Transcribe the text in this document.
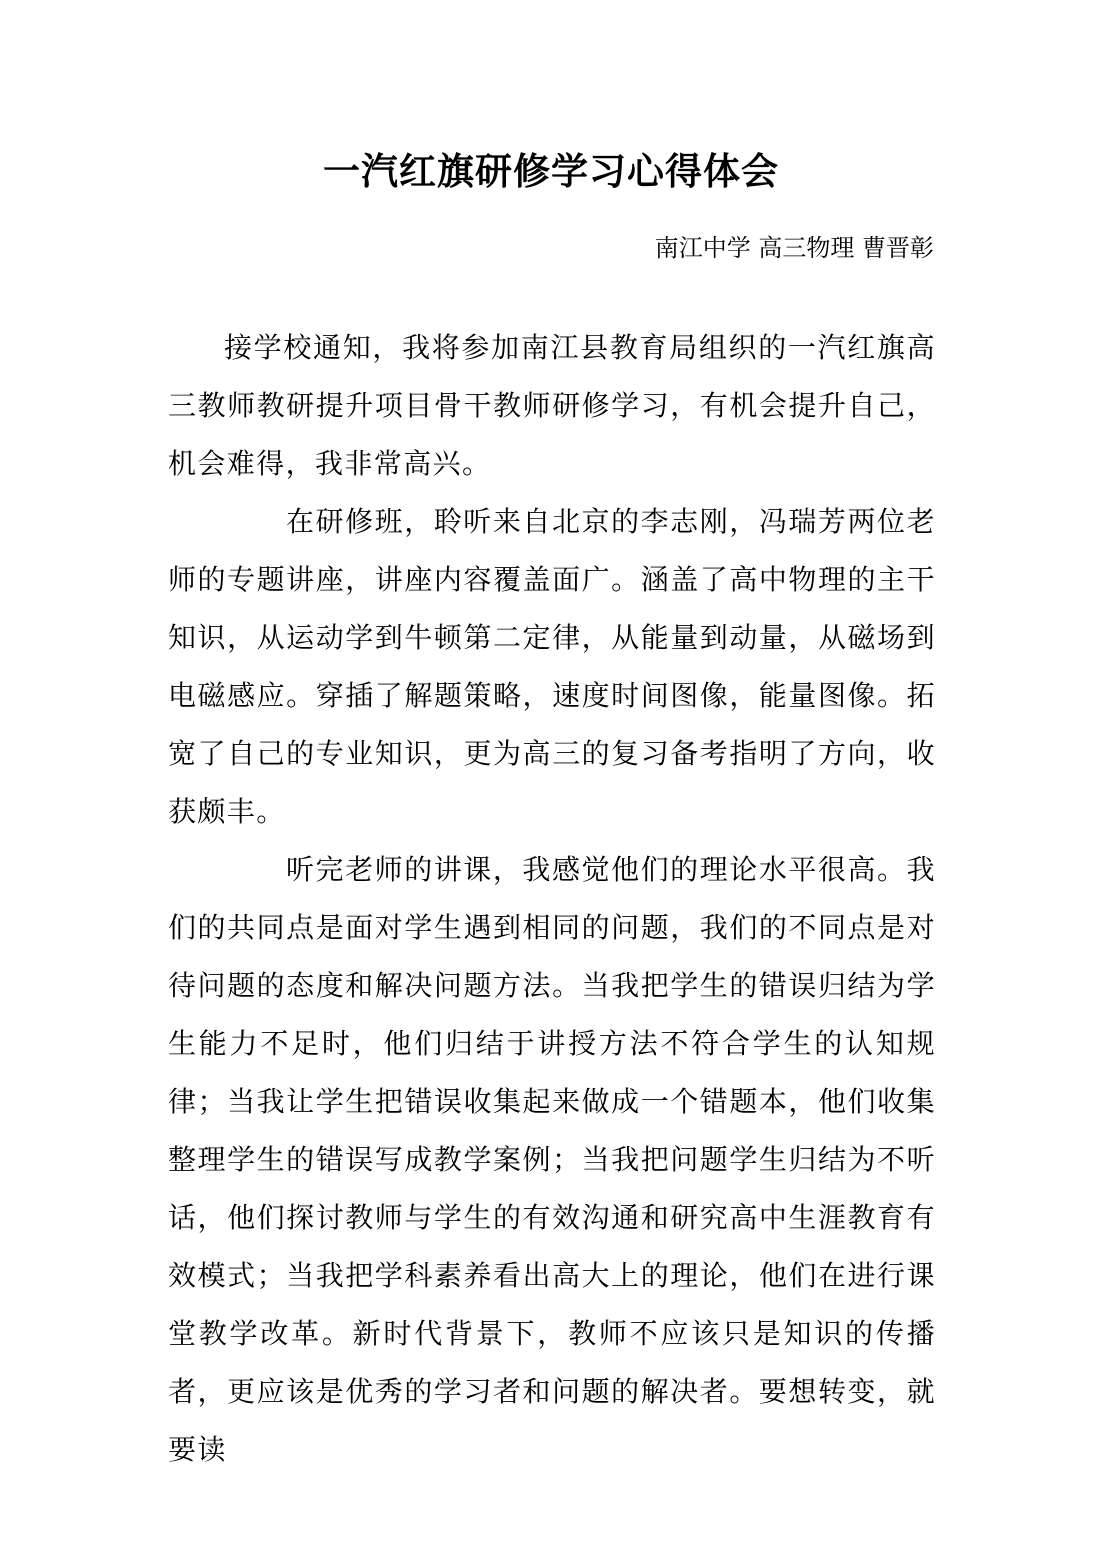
一汽红旗研修学习心得体会
南江中学 高三物理 曹晋彰

接学校通知，我将参加南江县教育局组织的一汽红旗高三教师教研提升项目骨干教师研修学习，有机会提升自己，机会难得，我非常高兴。

在研修班，聆听来自北京的李志刚，冯瑞芳两位老师的专题讲座，讲座内容覆盖面广。涵盖了高中物理的主干知识，从运动学到牛顿第二定律，从能量到动量，从磁场到电磁感应。穿插了解题策略，速度时间图像，能量图像。拓宽了自己的专业知识，更为高三的复习备考指明了方向，收获颇丰。

听完老师的讲课，我感觉他们的理论水平很高。我们的共同点是面对学生遇到相同的问题，我们的不同点是对待问题的态度和解决问题方法。当我把学生的错误归结为学生能力不足时，他们归结于讲授方法不符合学生的认知规律；当我让学生把错误收集起来做成一个错题本，他们收集整理学生的错误写成教学案例；当我把问题学生归结为不听话，他们探讨教师与学生的有效沟通和研究高中生涯教育有效模式；当我把学科素养看出高大上的理论，他们在进行课堂教学改革。新时代背景下，教师不应该只是知识的传播者，更应该是优秀的学习者和问题的解决者。要想转变，就要读
